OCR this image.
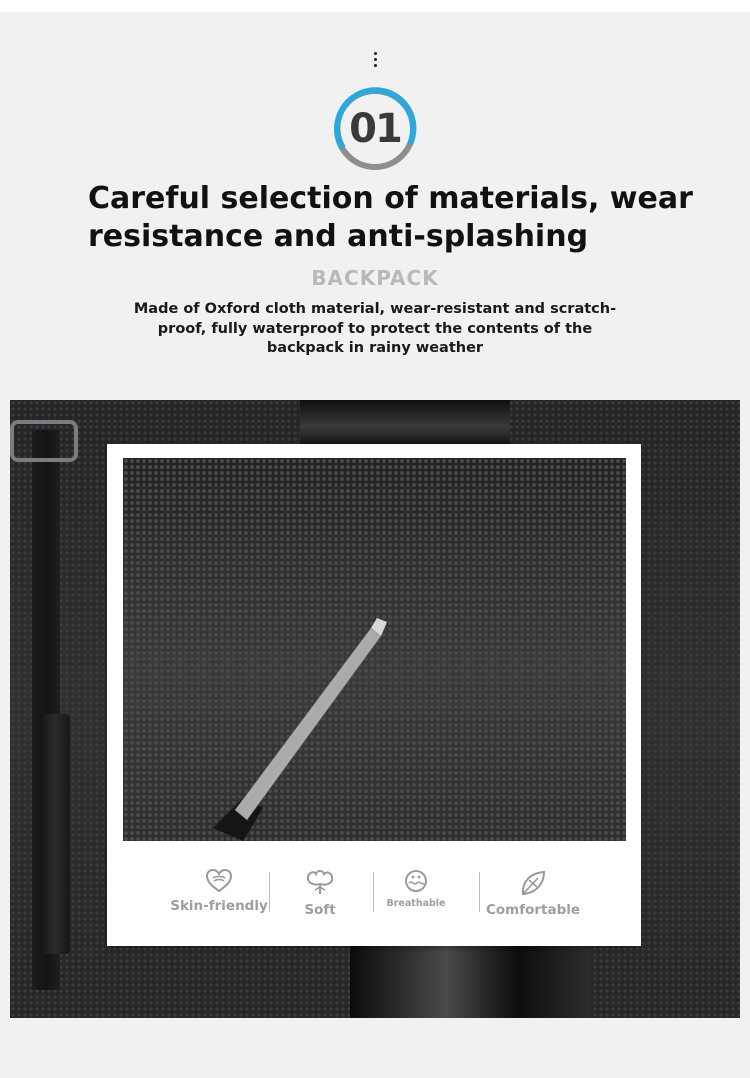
01
Careful selection of materials, wear
resistance and anti-splashing
BACKPACK

Made of Oxford cloth material, wear-resistant and scratch-proof, fully waterproof to protect the contents of the backpack in rainy weather

Skin-friendly	Soft	Breathable	Comfortable
